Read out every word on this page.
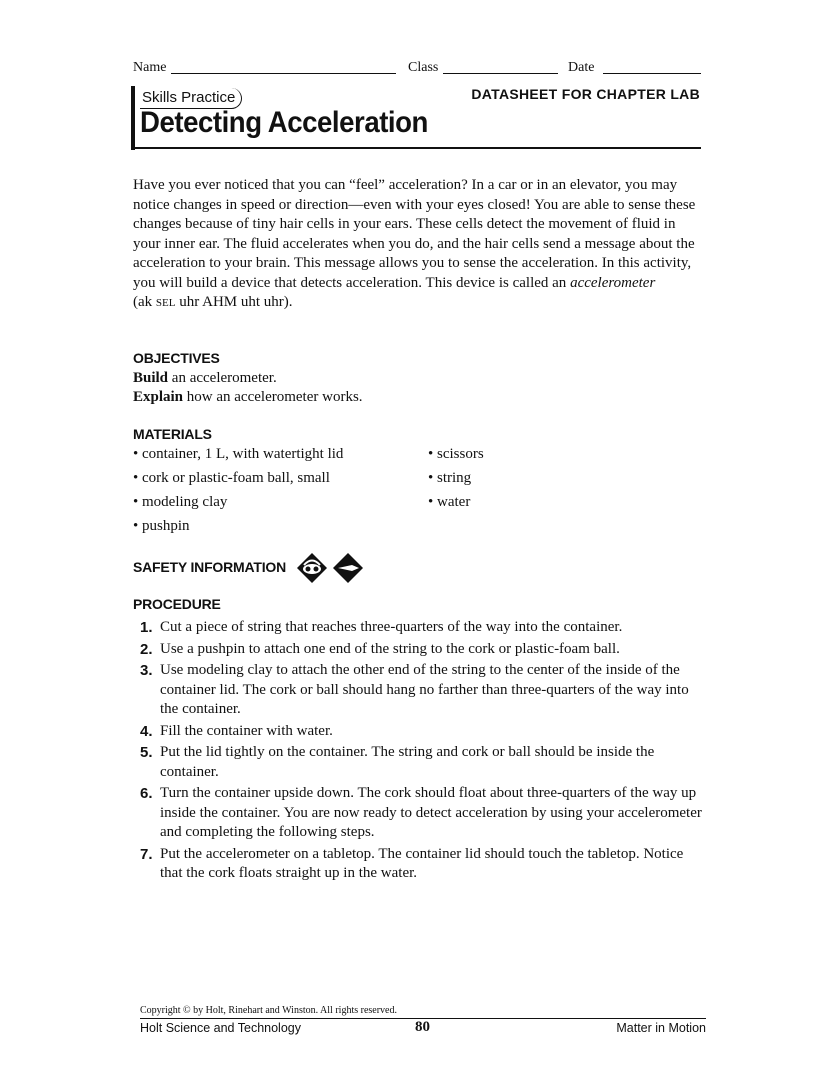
Name	Class	Date
Skills Practice	DATASHEET FOR CHAPTER LAB
Detecting Acceleration

Have you ever noticed that you can “feel” acceleration? In a car or in an elevator, you may notice changes in speed or direction—even with your eyes closed! You are able to sense these changes because of tiny hair cells in your ears. These cells detect the movement of fluid in your inner ear. The fluid accelerates when you do, and the hair cells send a message about the acceleration to your brain. This message allows you to sense the acceleration. In this activity, you will build a device that detects acceleration. This device is called an accelerometer
(ak SEL uhr AHM uht uhr).

OBJECTIVES
Build an accelerometer.
Explain how an accelerometer works.
MATERIALS
• container, 1 L, with watertight lid
• cork or plastic-foam ball, small
• modeling clay
• pushpin
• scissors
• string
• water
SAFETY INFORMATION
PROCEDURE
1. Cut a piece of string that reaches three-quarters of the way into the container.
2. Use a pushpin to attach one end of the string to the cork or plastic-foam ball.
3. Use modeling clay to attach the other end of the string to the center of the inside of the container lid. The cork or ball should hang no farther than three-quarters of the way into the container.
4. Fill the container with water.
5. Put the lid tightly on the container. The string and cork or ball should be inside the container.
6. Turn the container upside down. The cork should float about three-quarters of the way up inside the container. You are now ready to detect acceleration by using your accelerometer and completing the following steps.
7. Put the accelerometer on a tabletop. The container lid should touch the tabletop. Notice that the cork floats straight up in the water.
Copyright © by Holt, Rinehart and Winston. All rights reserved.
Holt Science and Technology	80	Matter in Motion
